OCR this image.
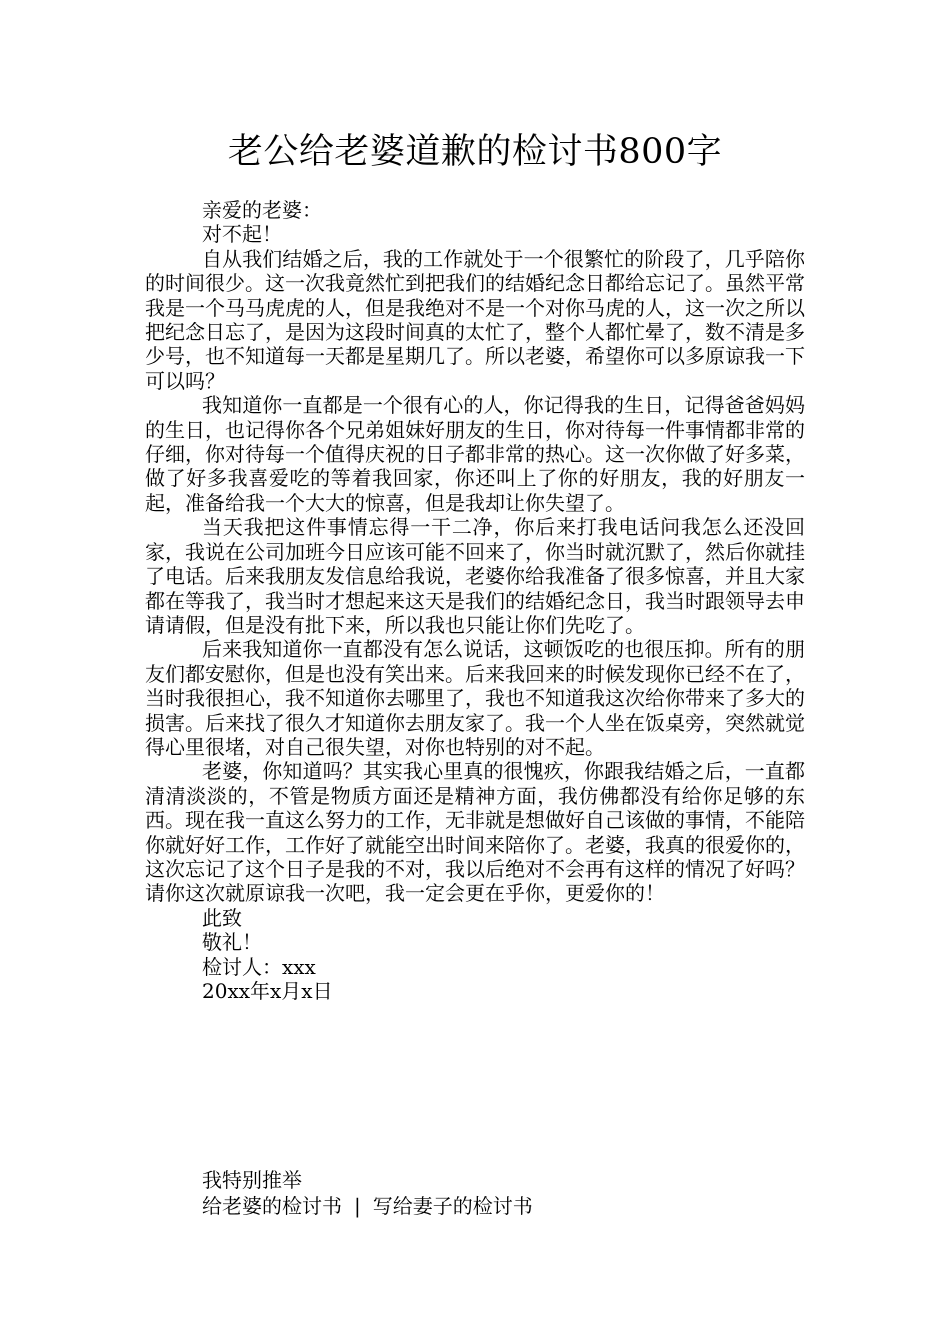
老公给老婆道歉的检讨书800字
亲爱的老婆：
对不起！

自从我们结婚之后，我的工作就处于一个很繁忙的阶段了，几乎陪你的时间很少。这一次我竟然忙到把我们的结婚纪念日都给忘记了。虽然平常我是一个马马虎虎的人，但是我绝对不是一个对你马虎的人，这一次之所以把纪念日忘了，是因为这段时间真的太忙了，整个人都忙晕了，数不清是多少号，也不知道每一天都是星期几了。所以老婆，希望你可以多原谅我一下可以吗？

我知道你一直都是一个很有心的人，你记得我的生日，记得爸爸妈妈的生日，也记得你各个兄弟姐妹好朋友的生日，你对待每一件事情都非常的仔细，你对待每一个值得庆祝的日子都非常的热心。这一次你做了好多菜，做了好多我喜爱吃的等着我回家，你还叫上了你的好朋友，我的好朋友一起，准备给我一个大大的惊喜，但是我却让你失望了。

当天我把这件事情忘得一干二净，你后来打我电话问我怎么还没回家，我说在公司加班今日应该可能不回来了，你当时就沉默了，然后你就挂了电话。后来我朋友发信息给我说，老婆你给我准备了很多惊喜，并且大家都在等我了，我当时才想起来这天是我们的结婚纪念日，我当时跟领导去申请请假，但是没有批下来，所以我也只能让你们先吃了。

后来我知道你一直都没有怎么说话，这顿饭吃的也很压抑。所有的朋友们都安慰你，但是也没有笑出来。后来我回来的时候发现你已经不在了，当时我很担心，我不知道你去哪里了，我也不知道我这次给你带来了多大的损害。后来找了很久才知道你去朋友家了。我一个人坐在饭桌旁，突然就觉得心里很堵，对自己很失望，对你也特别的对不起。

老婆，你知道吗？其实我心里真的很愧疚，你跟我结婚之后，一直都清清淡淡的，不管是物质方面还是精神方面，我仿佛都没有给你足够的东西。现在我一直这么努力的工作，无非就是想做好自己该做的事情，不能陪你就好好工作，工作好了就能空出时间来陪你了。老婆，我真的很爱你的，这次忘记了这个日子是我的不对，我以后绝对不会再有这样的情况了好吗？请你这次就原谅我一次吧，我一定会更在乎你，更爱你的！

此致
敬礼！
检讨人：xxx
20xx年x月x日
我特别推举
给老婆的检讨书 | 写给妻子的检讨书
